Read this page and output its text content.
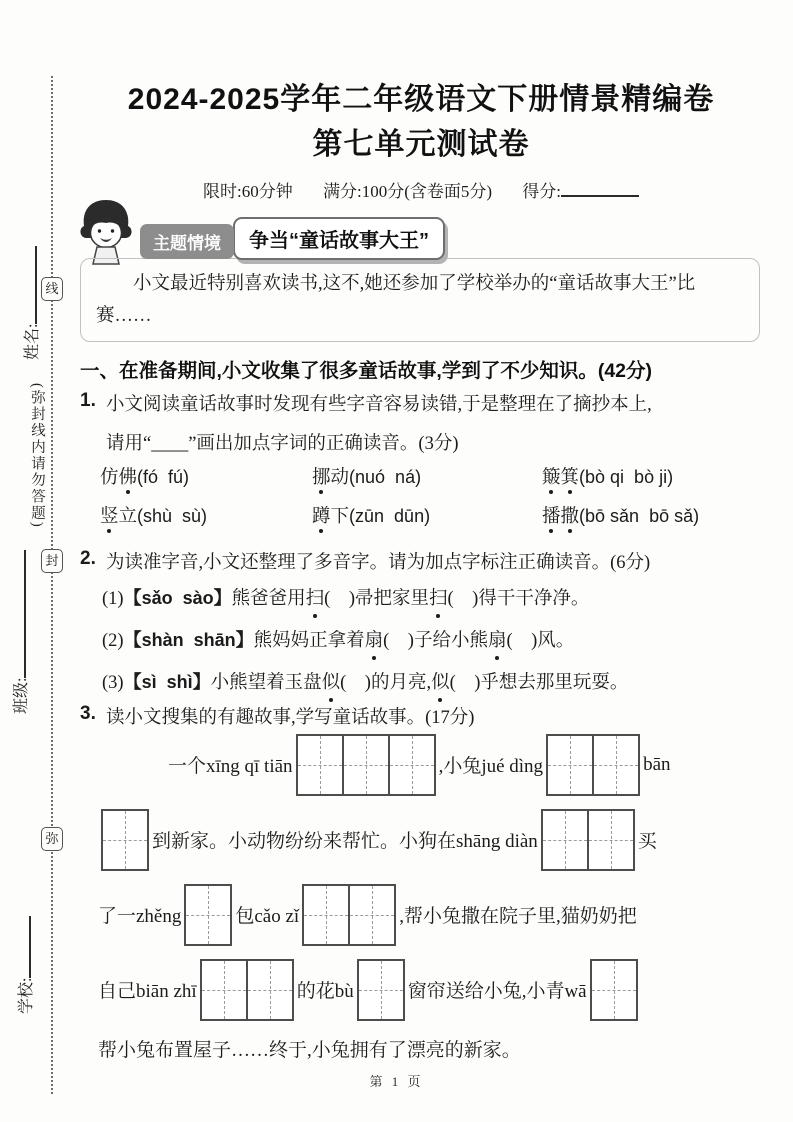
线
封
弥
姓名:
(弥封线内请勿答题)
班级:
学校:
2024-2025学年二年级语文下册情景精编卷
第七单元测试卷
限时:60分钟 满分:100分(含卷面5分) 得分:
主题情境	争当“童话故事大王”

小文最近特别喜欢读书,这不,她还参加了学校举办的“童话故事大王”比赛……

一、在准备期间,小文收集了很多童话故事,学到了不少知识。(42分)
1. 小文阅读童话故事时发现有些字音容易读错,于是整理在了摘抄本上,
请用“____”画出加点字词的正确读音。(3分)
仿佛(fó  fú)	挪动(nuó  ná)	簸箕(bò qi  bò ji)
竖立(shù  sù)	蹲下(zūn  dūn)	播撒(bō sǎn  bō sǎ)
2. 为读准字音,小文还整理了多音字。请为加点字标注正确读音。(6分)
(1)【sǎo  sào】熊爸爸用扫(    )帚把家里扫(    )得干干净净。
(2)【shàn  shān】熊妈妈正拿着扇(    )子给小熊扇(    )风。
(3)【sì  shì】小熊望着玉盘似(    )的月亮,似(    )乎想去那里玩耍。
3. 读小文搜集的有趣故事,学写童话故事。(17分)
一个xīng qī tiān	,小兔jué dìng	bān
到新家。小动物纷纷来帮忙。小狗在shāng diàn	买
了一zhěng	包cǎo zǐ	,帮小兔撒在院子里,猫奶奶把
自己biān zhī	的花bù	窗帘送给小兔,小青wā
帮小兔布置屋子……终于,小兔拥有了漂亮的新家。
第 1 页
